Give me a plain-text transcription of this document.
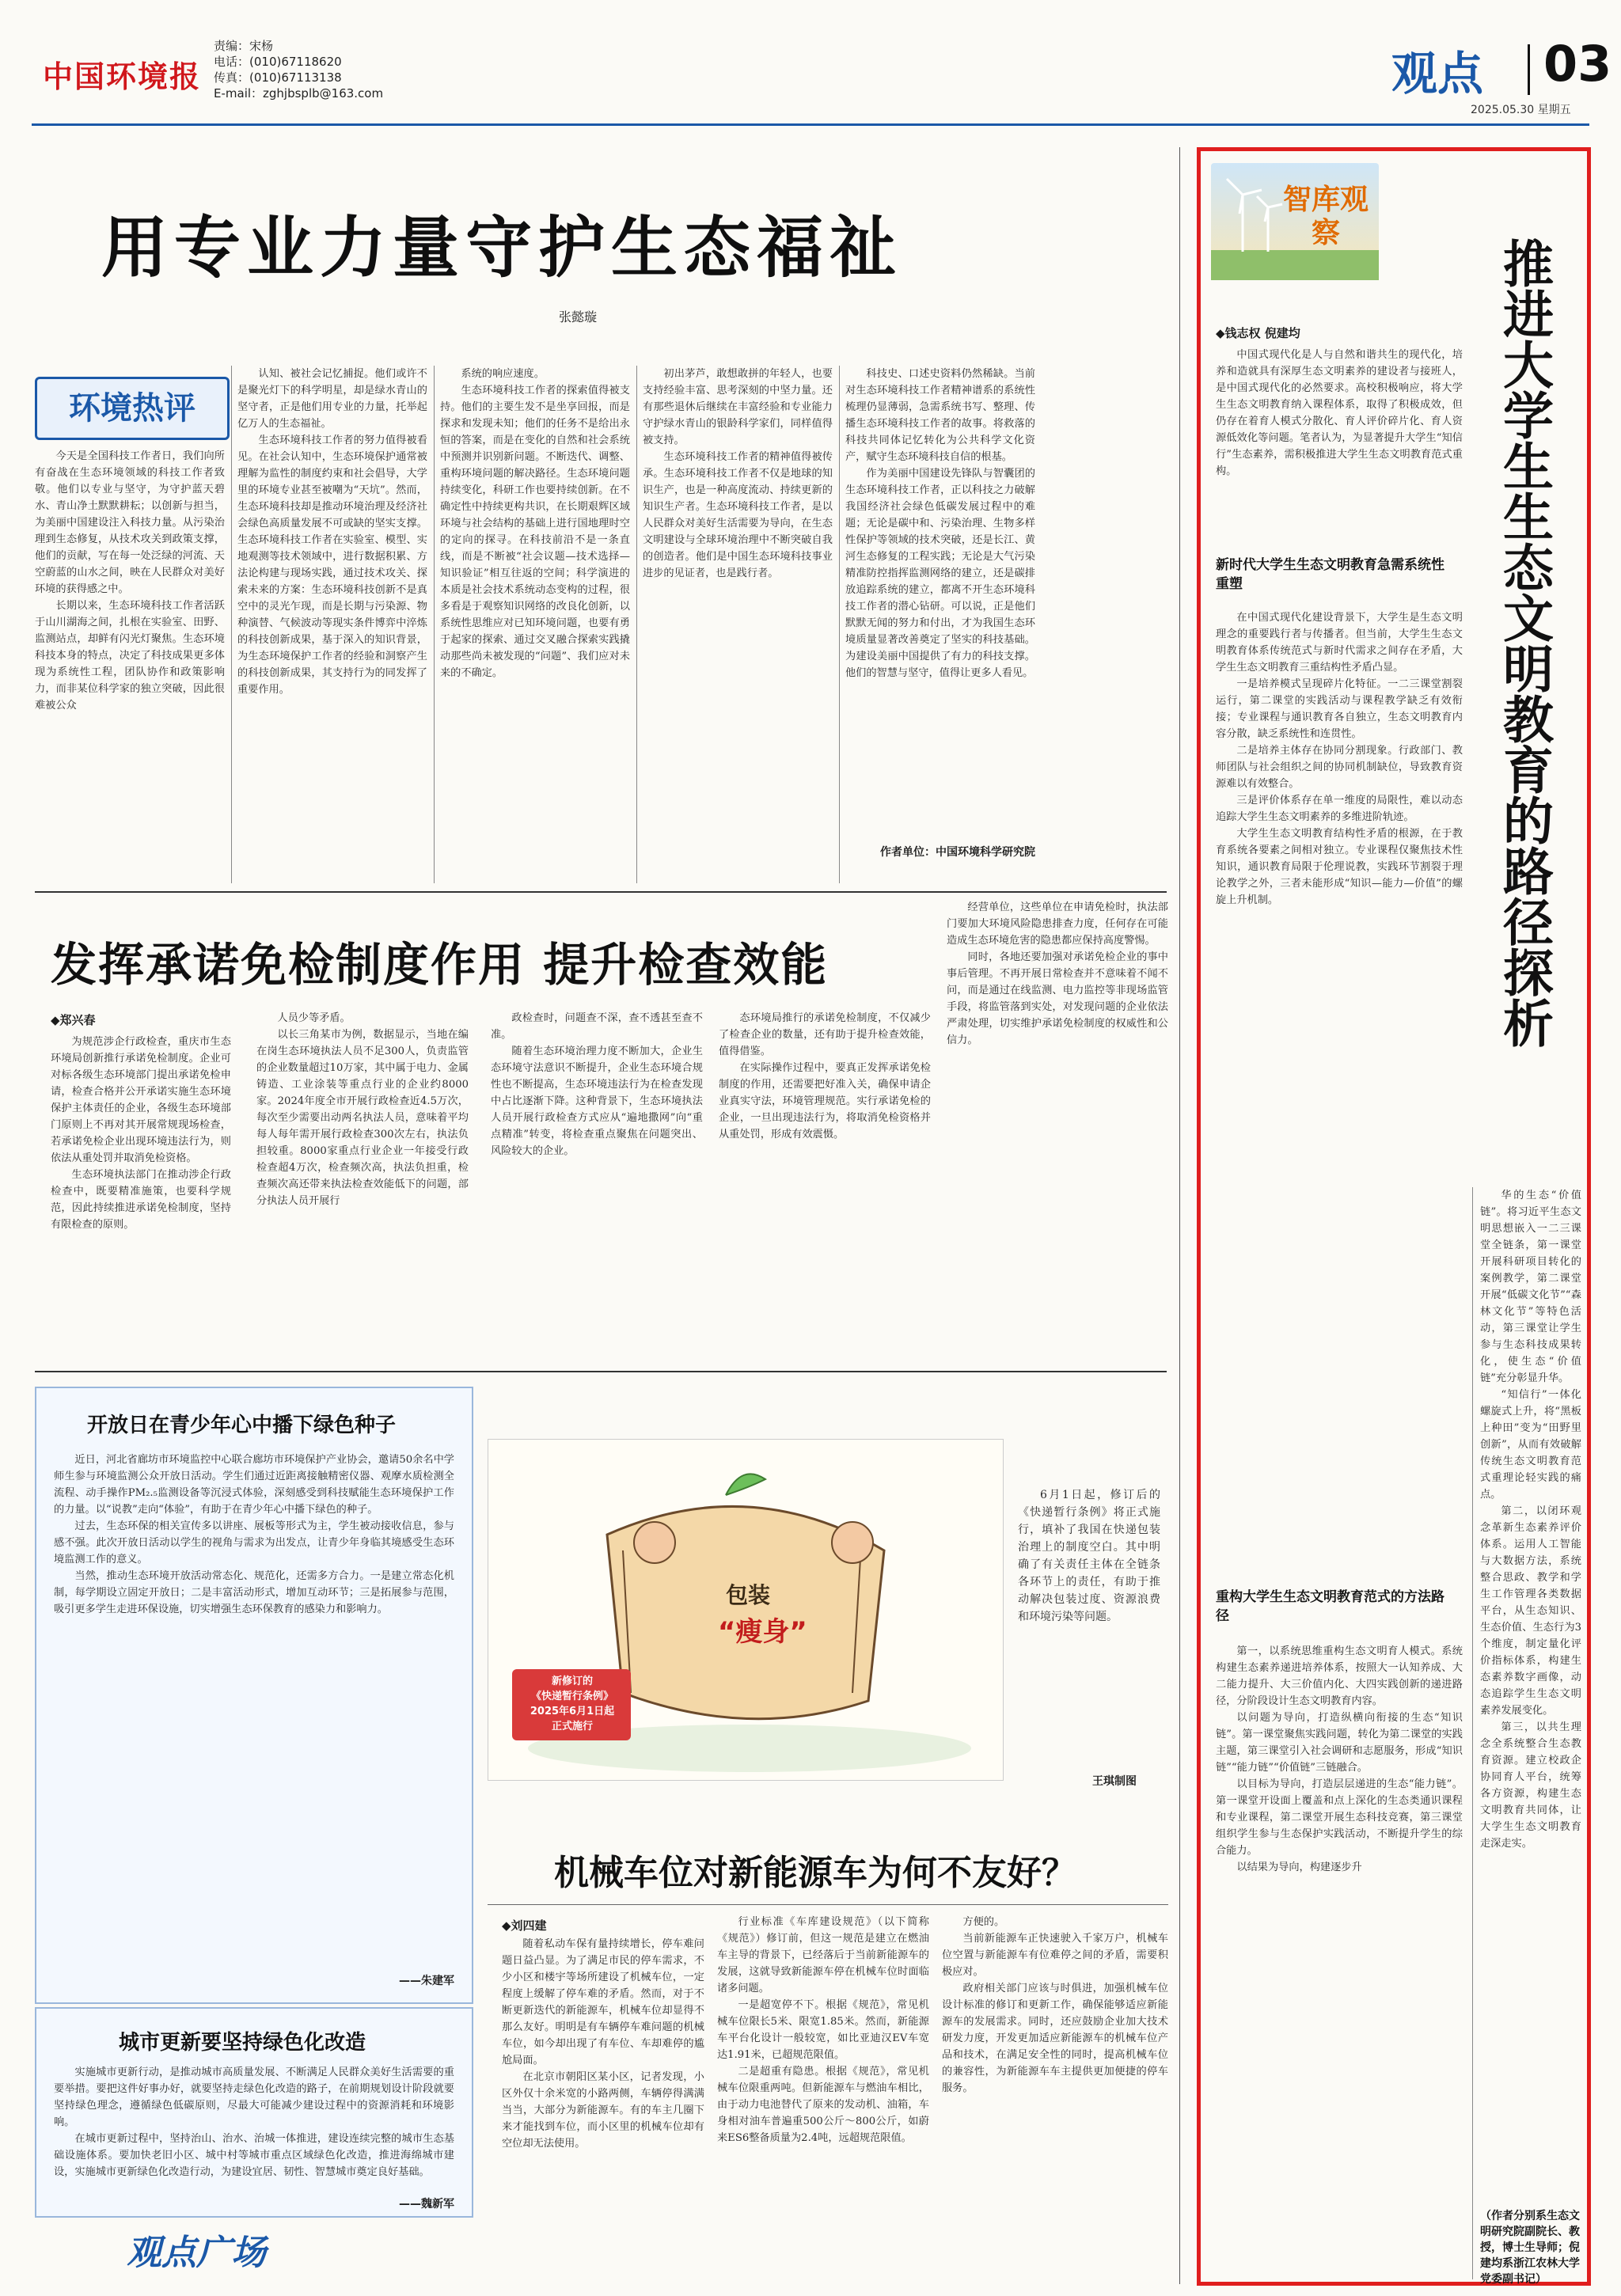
中国环境报
责编：宋杨
电话：(010)67118620
传真：(010)67113138
E-mail：zghjbsplb@163.com	观点 03
2025.05.30 星期五
用专业力量守护生态福祉
张懿璇
环境热评

今天是全国科技工作者日，我们向所有奋战在生态环境领域的科技工作者致敬。他们以专业与坚守，为守护蓝天碧水、青山净土默默耕耘；以创新与担当，为美丽中国建设注入科技力量。从污染治理到生态修复，从技术攻关到政策支撑，他们的贡献，写在每一处泛绿的河流、天空蔚蓝的山水之间，映在人民群众对美好环境的获得感之中。

长期以来，生态环境科技工作者活跃于山川湖海之间，扎根在实验室、田野、监测站点，却鲜有闪光灯聚焦。生态环境科技本身的特点，决定了科技成果更多体现为系统性工程，团队协作和政策影响力，而非某位科学家的独立突破，因此很难被公众

认知、被社会记忆捕捉。他们或许不是聚光灯下的科学明星，却是绿水青山的坚守者，正是他们用专业的力量，托举起亿万人的生态福祉。

生态环境科技工作者的努力值得被看见。在社会认知中，生态环境保护通常被理解为监性的制度约束和社会倡导，大学里的环境专业甚至被嘲为“天坑”。然而，生态环境科技却是推动环境治理及经济社会绿色高质量发展不可或缺的坚实支撑。生态环境科技工作者在实验室、模型、实地观测等技术领域中，进行数据积累、方法论构建与现场实践，通过技术攻关、探索未来的方案：生态环境科技创新不是真空中的灵光乍现，而是长期与污染源、物种演替、气候波动等现实条件博弈中淬炼的科技创新成果，基于深入的知识背景，为生态环境保护工作者的经验和洞察产生的科技创新成果，其支持行为的同发挥了重要作用。

系统的响应速度。

生态环境科技工作者的探索值得被支持。他们的主要生发不是坐享回报，而是探求和发现未知；他们的任务不是给出永恒的答案，而是在变化的自然和社会系统中预测并识别新问题。不断迭代、调整、重构环境问题的解决路径。生态环境问题持续变化，科研工作也要持续创新。在不确定性中持续更构共识，在长期艰辉区域环境与社会结构的基础上进行国地理时空的定向的探寻。在科技前沿不是一条直线，而是不断被“社会议题—技术选择—知识验证”相互往返的空间；科学演进的本质是社会技术系统动态变构的过程，很多看是于观察知识网络的改良化创新，以系统性思维应对已知环境问题，也要有勇于起家的探索、通过交叉融合探索实践撬动那些尚未被发现的“问题”、我们应对未来的不确定。

初出茅芦，敢想敢拼的年轻人，也要支持经验丰富、思考深刻的中坚力量。还有那些退休后继续在丰富经验和专业能力守护绿水青山的银龄科学家们，同样值得被支持。

生态环境科技工作者的精神值得被传承。生态环境科技工作者不仅是地球的知识生产，也是一种高度流动、持续更新的知识生产者。生态环境科技工作者，是以人民群众对美好生活需要为导向，在生态文明建设与全球环境治理中不断突破自我的创造者。他们是中国生态环境科技事业进步的见证者，也是践行者。

科技史、口述史资料仍然稀缺。当前对生态环境科技工作者精神谱系的系统性梳理仍显薄弱，急需系统书写、整理、传播生态环境科技工作者的故事。将救落的科技共同体记忆转化为公共科学文化资产，赋守生态环境科技自信的根基。

作为美丽中国建设先锋队与智囊团的生态环境科技工作者，正以科技之力破解我国经济社会绿色低碳发展过程中的难题；无论是碳中和、污染治理、生物多样性保护等领域的技术突破，还是长江、黄河生态修复的工程实践；无论是大气污染精准防控指挥监测网络的建立，还是碳排放追踪系统的建立，都离不开生态环境科技工作者的潜心钻研。可以说，正是他们默默无闻的努力和付出，才为我国生态环境质量显著改善奠定了坚实的科技基础。为建设美丽中国提供了有力的科技支撑。他们的智慧与坚守，值得让更多人看见。

作者单位：中国环境科学研究院
发挥承诺免检制度作用 提升检查效能
◆郑兴春

为规范涉企行政检查，重庆市生态环境局创新推行承诺免检制度。企业可对标各级生态环境部门提出承诺免检申请，检查合格并公开承诺实施生态环境保护主体责任的企业，各级生态环境部门原则上不再对其开展常规现场检查，若承诺免检企业出现环境违法行为，则依法从重处罚并取消免检资格。

生态环境执法部门在推动涉企行政检查中，既要精准施策，也要科学规范，因此持续推进承诺免检制度，坚持有限检查的原则。

人员少等矛盾。

以长三角某市为例，数据显示，当地在编在岗生态环境执法人员不足300人，负责监管的企业数量超过10万家，其中属于电力、金属铸造、工业涂装等重点行业的企业约8000家。2024年度全市开展行政检查近4.5万次，每次至少需要出动两名执法人员，意味着平均每人每年需开展行政检查300次左右，执法负担较重。8000家重点行业企业一年接受行政检查超4万次，检查频次高，执法负担重，检查频次高还带来执法检查效能低下的问题，部分执法人员开展行

政检查时，问题查不深，查不透甚至查不准。

随着生态环境治理力度不断加大，企业生态环境守法意识不断提升，企业生态环境合规性也不断提高，生态环境违法行为在检查发现中占比逐渐下降。这种背景下，生态环境执法人员开展行政检查方式应从“遍地撒网”向“重点精准”转变，将检查重点聚焦在问题突出、风险较大的企业。

态环境局推行的承诺免检制度，不仅减少了检查企业的数量，还有助于提升检查效能，值得借鉴。

在实际操作过程中，要真正发挥承诺免检制度的作用，还需要把好准入关，确保申请企业真实守法，环境管理规范。实行承诺免检的企业，一旦出现违法行为，将取消免检资格并从重处罚，形成有效震慑。

经营单位，这些单位在申请免检时，执法部门要加大环境风险隐患排查力度，任何存在可能造成生态环境危害的隐患都应保持高度警惕。

同时，各地还要加强对承诺免检企业的事中事后管理。不再开展日常检查并不意味着不闻不问，而是通过在线监测、电力监控等非现场监管手段，将监管落到实处，对发现问题的企业依法严肃处理，切实维护承诺免检制度的权威性和公信力。

开放日在青少年心中播下绿色种子

近日，河北省廊坊市环境监控中心联合廊坊市环境保护产业协会，邀请50余名中学师生参与环境监测公众开放日活动。学生们通过近距离接触精密仪器、观摩水质检测全流程、动手操作PM₂.₅监测设备等沉浸式体验，深刻感受到科技赋能生态环境保护工作的力量。以“说教”走向“体验”，有助于在青少年心中播下绿色的种子。

过去，生态环保的相关宣传多以讲座、展板等形式为主，学生被动接收信息，参与感不强。此次开放日活动以学生的视角与需求为出发点，让青少年身临其境感受生态环境监测工作的意义。

当然，推动生态环境开放活动常态化、规范化，还需多方合力。一是建立常态化机制，每学期设立固定开放日；二是丰富活动形式，增加互动环节；三是拓展参与范围，吸引更多学生走进环保设施，切实增强生态环保教育的感染力和影响力。

——朱建军
城市更新要坚持绿色化改造

实施城市更新行动，是推动城市高质量发展、不断满足人民群众美好生活需要的重要举措。要把这件好事办好，就要坚持走绿色化改造的路子，在前期规划设计阶段就要坚持绿色理念，遵循绿色低碳原则，尽最大可能减少建设过程中的资源消耗和环境影响。

在城市更新过程中，坚持治山、治水、治城一体推进，建设连续完整的城市生态基础设施体系。要加快老旧小区、城中村等城市重点区域绿色化改造，推进海绵城市建设，实施城市更新绿色化改造行动，为建设宜居、韧性、智慧城市奠定良好基础。

——魏新军
观点广场
包装
“瘦身”
新修订的
《快递暂行条例》
2025年6月1日起
正式施行

6月1日起，修订后的《快递暂行条例》将正式施行，填补了我国在快递包装治理上的制度空白。其中明确了有关责任主体在全链条各环节上的责任，有助于推动解决包装过度、资源浪费和环境污染等问题。

王琪制图
机械车位对新能源车为何不友好？
◆刘四建

随着私动车保有量持续增长，停车难问题日益凸显。为了满足市民的停车需求，不少小区和楼宇等场所建设了机械车位，一定程度上缓解了停车难的矛盾。然而，对于不断更新迭代的新能源车，机械车位却显得不那么友好。明明是有车辆停车难问题的机械车位，如今却出现了有车位、车却难停的尴尬局面。

在北京市朝阳区某小区，记者发现，小区外仅十余米宽的小路两侧，车辆停得满满当当，大部分为新能源车。有的车主几圈下来才能找到车位，而小区里的机械车位却有空位却无法使用。

行业标准《车库建设规范》（以下简称《规范》）修订前，但这一规范是建立在燃油车主导的背景下，已经落后于当前新能源车的发展，这就导致新能源车停在机械车位时面临诸多问题。

一是超宽停不下。根据《规范》，常见机械车位限长5米、限宽1.85米。然而，新能源车平台化设计一般较宽，如比亚迪汉EV车宽达1.91米，已超规范限值。

二是超重有隐患。根据《规范》，常见机械车位限重两吨。但新能源车与燃油车相比，由于动力电池替代了原来的发动机、油箱，车身相对油车普遍重500公斤～800公斤，如蔚来ES6整备质量为2.4吨，远超规范限值。

方便的。

当前新能源车正快速驶入千家万户，机械车位空置与新能源车有位难停之间的矛盾，需要积极应对。

政府相关部门应该与时俱进，加强机械车位设计标准的修订和更新工作，确保能够适应新能源车的发展需求。同时，还应鼓励企业加大技术研发力度，开发更加适应新能源车的机械车位产品和技术，在满足安全性的同时，提高机械车位的兼容性，为新能源车车主提供更加便捷的停车服务。

智库观察
推进大学生生态文明教育的路径探析
◆钱志权 倪建均

中国式现代化是人与自然和谐共生的现代化，培养和造就具有深厚生态文明素养的建设者与接班人，是中国式现代化的必然要求。高校积极响应，将大学生生态文明教育纳入课程体系，取得了积极成效，但仍存在着育人模式分散化、育人评价碎片化、育人资源低效化等问题。笔者认为，为显著提升大学生“知信行”生态素养，需积极推进大学生生态文明教育范式重构。

新时代大学生生态文明教育急需系统性重塑

在中国式现代化建设背景下，大学生是生态文明理念的重要践行者与传播者。但当前，大学生生态文明教育体系传统范式与新时代需求之间存在矛盾，大学生生态文明教育三重结构性矛盾凸显。

一是培养模式呈现碎片化特征。一二三课堂割裂运行，第二课堂的实践活动与课程教学缺乏有效衔接；专业课程与通识教育各自独立，生态文明教育内容分散，缺乏系统性和连贯性。

二是培养主体存在协同分割现象。行政部门、教师团队与社会组织之间的协同机制缺位，导致教育资源难以有效整合。

三是评价体系存在单一维度的局限性，难以动态追踪大学生生态文明素养的多维进阶轨迹。

大学生生态文明教育结构性矛盾的根源，在于教育系统各要素之间相对独立。专业课程仅聚焦技术性知识，通识教育局限于伦理说教，实践环节割裂于理论教学之外，三者未能形成“知识—能力—价值”的螺旋上升机制。

重构大学生生态文明教育范式的方法路径

第一，以系统思维重构生态文明育人模式。系统构建生态素养递进培养体系，按照大一认知养成、大二能力提升、大三价值内化、大四实践创新的递进路径，分阶段设计生态文明教育内容。

以问题为导向，打造纵横向衔接的生态“知识链”。第一课堂聚焦实践问题，转化为第二课堂的实践主题，第三课堂引入社会调研和志愿服务，形成“知识链”“能力链”“价值链”三链融合。

以目标为导向，打造层层递进的生态“能力链”。第一课堂开设面上覆盖和点上深化的生态类通识课程和专业课程，第二课堂开展生态科技竞赛，第三课堂组织学生参与生态保护实践活动，不断提升学生的综合能力。

以结果为导向，构建逐步升

华的生态“价值链”。将习近平生态文明思想嵌入一二三课堂全链条，第一课堂开展科研项目转化的案例教学，第二课堂开展“低碳文化节”“森林文化节”等特色活动，第三课堂让学生参与生态科技成果转化，使生态“价值链”充分彰显升华。

“知信行”一体化螺旋式上升，将“黑板上种田”变为“田野里创新”，从而有效破解传统生态文明教育范式重理论轻实践的痛点。

第二，以闭环观念革新生态素养评价体系。运用人工智能与大数据方法，系统整合思政、教学和学生工作管理各类数据平台，从生态知识、生态价值、生态行为3个维度，制定量化评价指标体系，构建生态素养数字画像，动态追踪学生生态文明素养发展变化。

第三，以共生理念全系统整合生态教育资源。建立校政企协同育人平台，统筹各方资源，构建生态文明教育共同体，让大学生生态文明教育走深走实。

（作者分别系生态文明研究院副院长、教授，博士生导师；倪建均系浙江农林大学党委副书记）
